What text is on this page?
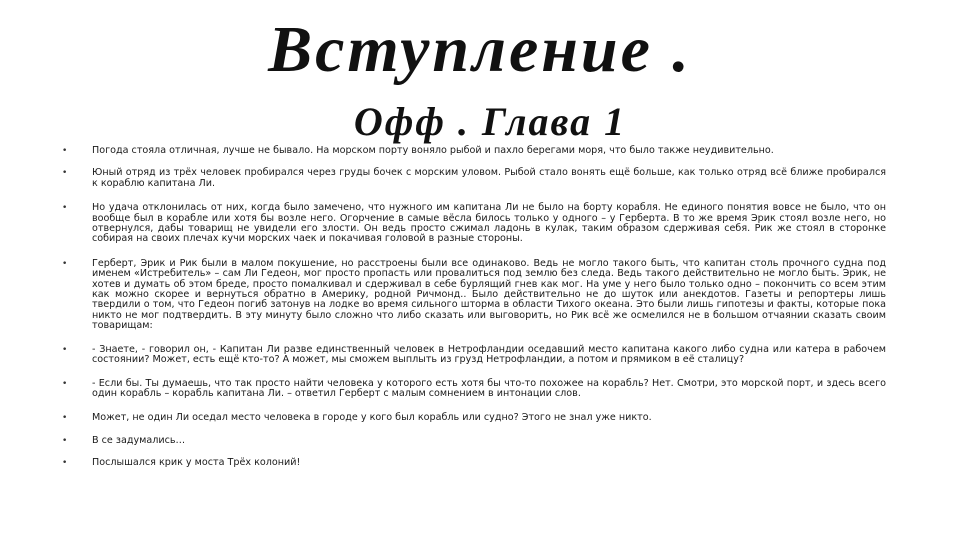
Вступление .
Офф . Глава 1
•	Погода стояла отличная, лучше не бывало. На морском порту воняло рыбой и пахло берегами моря, что было также неудивительно.
•	Юный отряд из трёх человек пробирался через груды бочек с морским уловом. Рыбой стало вонять ещё больше, как только отряд всё ближе пробирался к кораблю капитана Ли.
•	Но удача отклонилась от них, когда было замечено, что нужного им капитана Ли не было на борту корабля. Не единого понятия вовсе не было, что он вообще был в корабле или хотя бы возле него. Огорчение в самые вёсла билось только у одного – у Герберта. В то же время Эрик стоял возле него, но отвернулся, дабы товарищ не увидели его злости. Он ведь просто сжимал ладонь в кулак, таким образом сдерживая себя. Рик же стоял в сторонке собирая на своих плечах кучи морских чаек и покачивая головой в разные стороны.
•	Герберт, Эрик и Рик были в малом покушение, но расстроены были все одинаково. Ведь не могло такого быть, что капитан столь прочного судна под именем «Истребитель» – сам Ли Гедеон, мог просто пропасть или провалиться под землю без следа. Ведь такого действительно не могло быть. Эрик, не хотев и думать об этом бреде, просто помалкивал и сдерживал в себе бурлящий гнев как мог. На уме у него было только одно – покончить со всем этим как можно скорее и вернуться обратно в Америку, родной Ричмонд.. Было действительно не до шуток или анекдотов. Газеты и репортеры лишь твердили о том, что Гедеон погиб затонув на лодке во время сильного шторма в области Тихого океана. Это были лишь гипотезы и факты, которые пока никто не мог подтвердить. В эту минуту было сложно что либо сказать или выговорить, но Рик всё же осмелился не в большом отчаянии сказать своим товарищам:
•	- Знаете, - говорил он, - Капитан Ли разве единственный человек в Нетрофландии оседавший место капитана какого либо судна или катера в рабочем состоянии? Может, есть ещё кто-то? А может, мы сможем выплыть из грузд Нетрофландии, а потом и прямиком в её стaлицу?
•	- Если бы. Ты думаешь, что так просто найти человека у которого есть хотя бы что-то похожее на корабль? Нет. Смотри, это морской порт, и здесь всего один корабль – корабль капитана Ли. – ответил Герберт с малым сомнением в интонации слов.
•	Может, не один Ли оседал место человека в городе у кого был корабль или судно? Этого не знал уже никто.
•	В се задумались…
•	Послышался крик у моста Трёх колоний!
